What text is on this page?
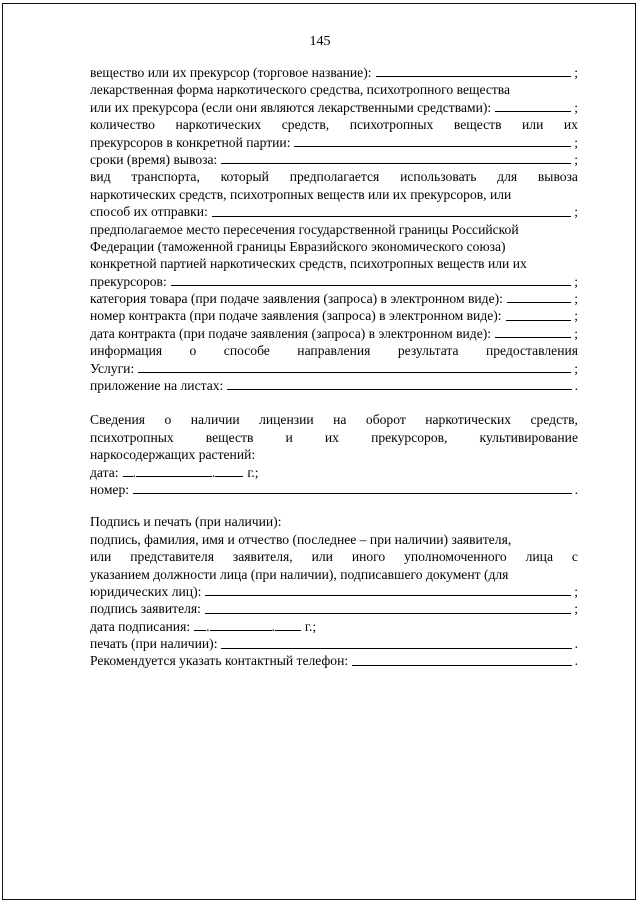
145
вещество или их прекурсор (торговое название):	;
лекарственная форма наркотического средства, психотропного вещества
или их прекурсора (если они являются лекарственными средствами):	;
количество наркотических средств, психотропных веществ или их
прекурсоров в конкретной партии:	;
сроки (время) вывоза:	;
вид транспорта, который предполагается использовать для вывоза
наркотических средств, психотропных веществ или их прекурсоров, или
способ их отправки:	;
предполагаемое место пересечения государственной границы Российской
Федерации (таможенной границы Евразийского экономического союза)
конкретной партией наркотических средств, психотропных веществ или их
прекурсоров:	;
категория товара (при подаче заявления (запроса) в электронном виде):	;
номер контракта (при подаче заявления (запроса) в электронном виде):	;
дата контракта (при подаче заявления (запроса) в электронном виде):	;
информация о способе направления результата предоставления
Услуги:	;
приложение на листах:	.
Сведения о наличии лицензии на оборот наркотических средств,
психотропных веществ и их прекурсоров, культивирование
наркосодержащих растений:
дата: .	. г.;
номер:	.
Подпись и печать (при наличии):
подпись, фамилия, имя и отчество (последнее – при наличии) заявителя,
или представителя заявителя, или иного уполномоченного лица с
указанием должности лица (при наличии), подписавшего документ (для
юридических лиц):	;
подпись заявителя:	;
дата подписания: .	. г.;
печать (при наличии):	.
Рекомендуется указать контактный телефон:	.
